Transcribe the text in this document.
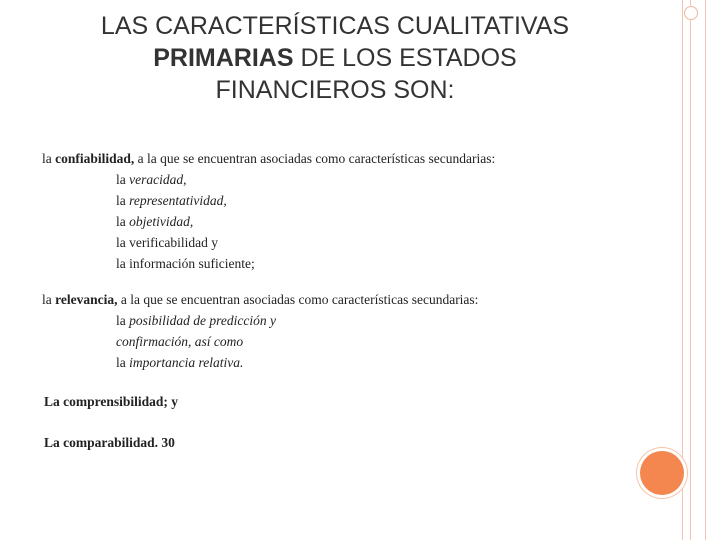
LAS CARACTERÍSTICAS CUALITATIVAS
PRIMARIAS DE LOS ESTADOS
FINANCIEROS SON:
la confiabilidad, a la que se encuentran asociadas como características secundarias:
la veracidad,
la representatividad,
la objetividad,
la verificabilidad y
la información suficiente;
la relevancia, a la que se encuentran asociadas como características secundarias:
la posibilidad de predicción y
confirmación, así como
la importancia relativa.
La comprensibilidad; y
La comparabilidad. 30
